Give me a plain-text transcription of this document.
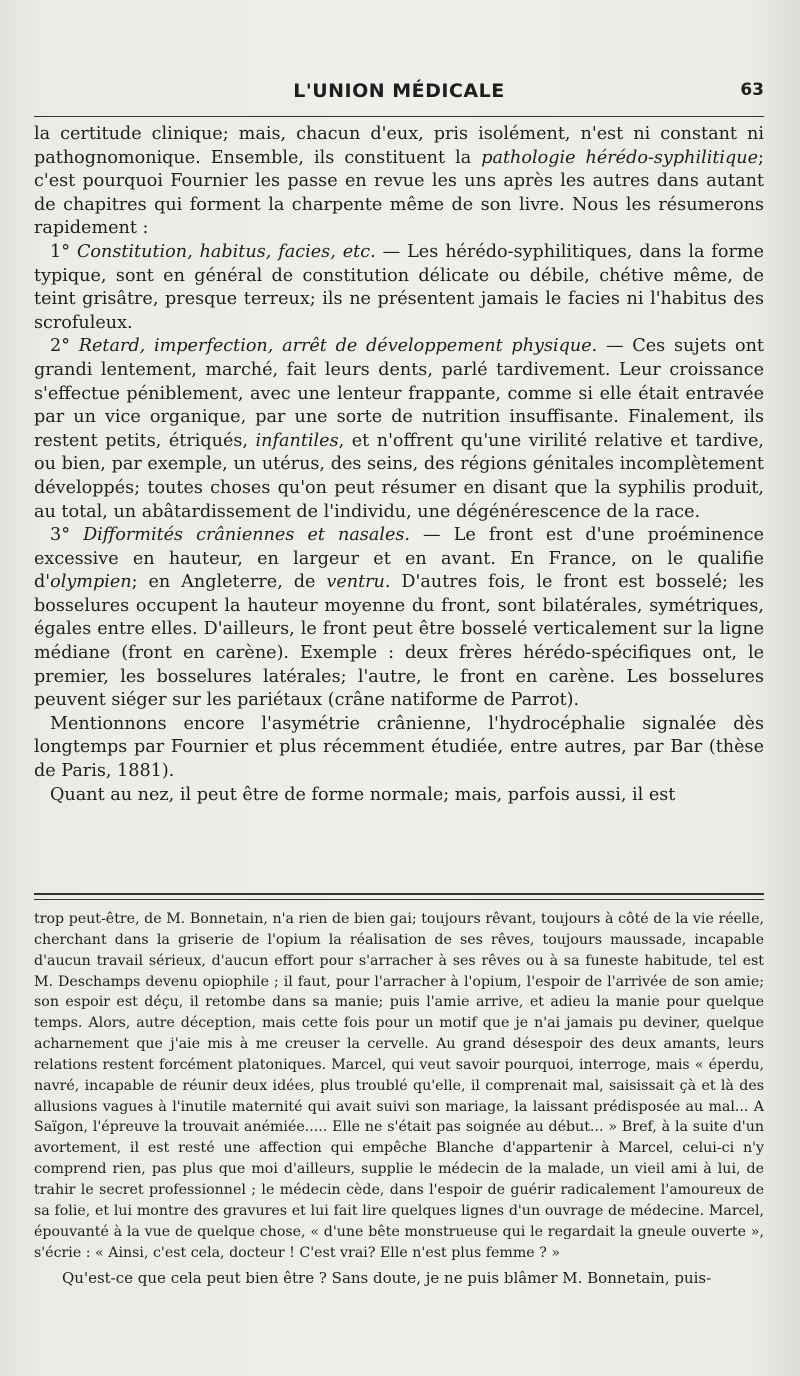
L'UNION MÉDICALE	63

la certitude clinique; mais, chacun d'eux, pris isolément, n'est ni constant ni pathognomonique. Ensemble, ils constituent la pathologie hérédo-syphilitique; c'est pourquoi Fournier les passe en revue les uns après les autres dans autant de chapitres qui forment la charpente même de son livre. Nous les résumerons rapidement :

1° Constitution, habitus, facies, etc. — Les hérédo-syphilitiques, dans la forme typique, sont en général de constitution délicate ou débile, chétive même, de teint grisâtre, presque terreux; ils ne présentent jamais le facies ni l'habitus des scrofuleux.

2° Retard, imperfection, arrêt de développement physique. — Ces sujets ont grandi lentement, marché, fait leurs dents, parlé tardivement. Leur croissance s'effectue péniblement, avec une lenteur frappante, comme si elle était entravée par un vice organique, par une sorte de nutrition insuffisante. Finalement, ils restent petits, étriqués, infantiles, et n'offrent qu'une virilité relative et tardive, ou bien, par exemple, un utérus, des seins, des régions génitales incomplètement développés; toutes choses qu'on peut résumer en disant que la syphilis produit, au total, un abâtardissement de l'individu, une dégénérescence de la race.

3° Difformités crâniennes et nasales. — Le front est d'une proéminence excessive en hauteur, en largeur et en avant. En France, on le qualifie d'olympien; en Angleterre, de ventru. D'autres fois, le front est bosselé; les bosselures occupent la hauteur moyenne du front, sont bilatérales, symétriques, égales entre elles. D'ailleurs, le front peut être bosselé verticalement sur la ligne médiane (front en carène). Exemple : deux frères hérédo-spécifiques ont, le premier, les bosselures latérales; l'autre, le front en carène. Les bosselures peuvent siéger sur les pariétaux (crâne natiforme de Parrot).

Mentionnons encore l'asymétrie crânienne, l'hydrocéphalie signalée dès longtemps par Fournier et plus récemment étudiée, entre autres, par Bar (thèse de Paris, 1881).

Quant au nez, il peut être de forme normale; mais, parfois aussi, il est

trop peut-être, de M. Bonnetain, n'a rien de bien gai; toujours rêvant, toujours à côté de la vie réelle, cherchant dans la griserie de l'opium la réalisation de ses rêves, toujours maussade, incapable d'aucun travail sérieux, d'aucun effort pour s'arracher à ses rêves ou à sa funeste habitude, tel est M. Deschamps devenu opiophile ; il faut, pour l'arracher à l'opium, l'espoir de l'arrivée de son amie; son espoir est déçu, il retombe dans sa manie; puis l'amie arrive, et adieu la manie pour quelque temps. Alors, autre déception, mais cette fois pour un motif que je n'ai jamais pu deviner, quelque acharnement que j'aie mis à me creuser la cervelle. Au grand désespoir des deux amants, leurs relations restent forcément platoniques. Marcel, qui veut savoir pourquoi, interroge, mais « éperdu, navré, incapable de réunir deux idées, plus troublé qu'elle, il comprenait mal, saisissait çà et là des allusions vagues à l'inutile maternité qui avait suivi son mariage, la laissant prédisposée au mal... A Saïgon, l'épreuve la trouvait anémiée..... Elle ne s'était pas soignée au début... » Bref, à la suite d'un avortement, il est resté une affection qui empêche Blanche d'appartenir à Marcel, celui-ci n'y comprend rien, pas plus que moi d'ailleurs, supplie le médecin de la malade, un vieil ami à lui, de trahir le secret professionnel ; le médecin cède, dans l'espoir de guérir radicalement l'amoureux de sa folie, et lui montre des gravures et lui fait lire quelques lignes d'un ouvrage de médecine. Marcel, épouvanté à la vue de quelque chose, « d'une bête monstrueuse qui le regardait la gneule ouverte », s'écrie : « Ainsi, c'est cela, docteur ! C'est vrai? Elle n'est plus femme ? »

Qu'est-ce que cela peut bien être ? Sans doute, je ne puis blâmer M. Bonnetain, puis-
